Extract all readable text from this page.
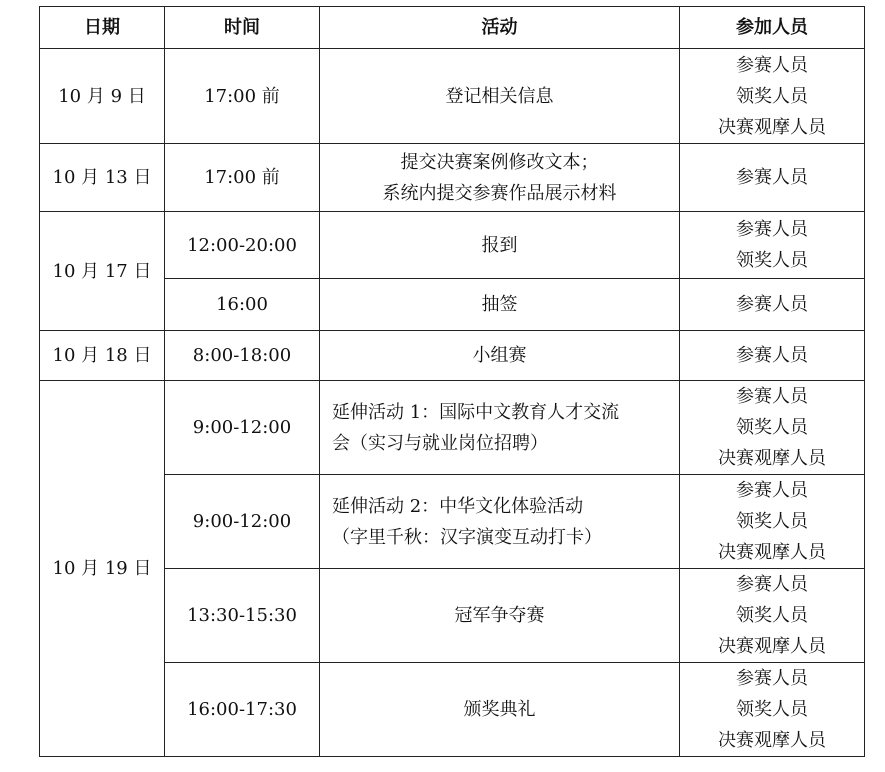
日期	时间	活动	参加人员
10 月 9 日	17:00 前	登记相关信息	参赛人员
领奖人员
决赛观摩人员

10 月 13 日	17:00 前	提交决赛案例修改文本；
系统内提交参赛作品展示材料	参赛人员

10 月 17 日	12:00-20:00	报到	参赛人员
领奖人员

	16:00	抽签	参赛人员

10 月 18 日	8:00-18:00	小组赛	参赛人员

10 月 19 日	9:00-12:00	延伸活动 1：国际中文教育人才交流
会（实习与就业岗位招聘）	参赛人员
领奖人员
决赛观摩人员

	9:00-12:00	延伸活动 2：中华文化体验活动
（字里千秋：汉字演变互动打卡）	参赛人员
领奖人员
决赛观摩人员

	13:30-15:30	冠军争夺赛	参赛人员
领奖人员
决赛观摩人员

	16:00-17:30	颁奖典礼	参赛人员
领奖人员
决赛观摩人员
